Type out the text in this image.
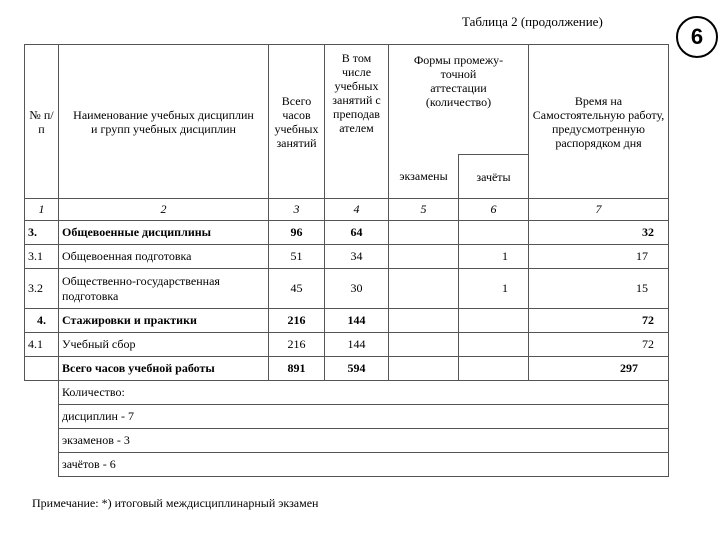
Таблица 2 (продолжение)
6
№ п/п	Наименование учебных дисциплин и групп учебных дисциплин	Всего часов учебных занятий	В том числе учебных занятий с преподав ателем	Формы промежу-точной аттестации (количество)		Время на Самостоятельную работу, предусмотренную распорядком дня
				экзамены	зачёты	
1	2	3	4	5	6	7
3.	Общевоенные дисциплины	96	64			32
3.1	Общевоенная подготовка	51	34		1	17
3.2	Общественно-государственная подготовка	45	30		1	15
4.	Стажировки и практики	216	144			72
4.1	Учебный сбор	216	144			72
	Всего часов учебной работы	891	594			297
	Количество:					
	дисциплин - 7					
	экзаменов - 3					
	зачётов - 6					
Примечание: *) итоговый междисциплинарный экзамен
